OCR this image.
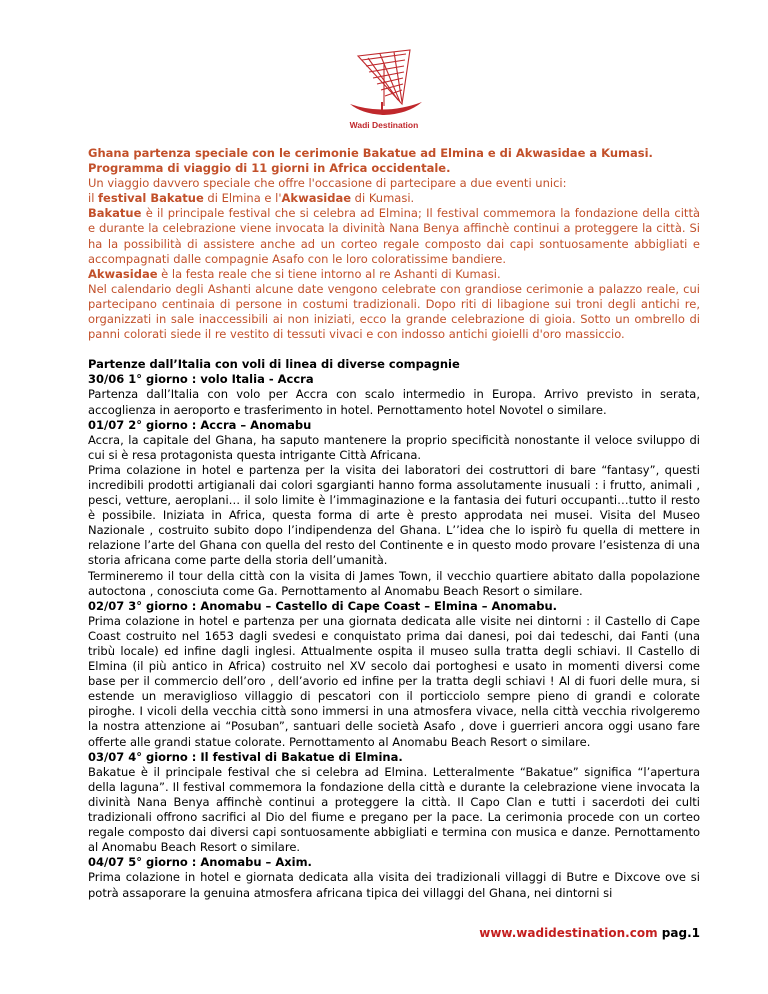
Wadi Destination

Ghana partenza speciale con le cerimonie Bakatue ad Elmina e di Akwasidae a Kumasi.

Programma di viaggio di 11 giorni in Africa occidentale.

Un viaggio davvero speciale che offre l'occasione di partecipare a due eventi unici:

il festival Bakatue di Elmina e l'Akwasidae di Kumasi.

Bakatue è il principale festival che si celebra ad Elmina; Il festival commemora la fondazione della città e durante la celebrazione viene invocata la divinità Nana Benya affinchè continui a proteggere la città. Si ha la possibilità di assistere anche ad un corteo regale composto dai capi sontuosamente abbigliati e accompagnati dalle compagnie Asafo con le loro coloratissime bandiere.

Akwasidae è la festa reale che si tiene intorno al re Ashanti di Kumasi.

Nel calendario degli Ashanti alcune date vengono celebrate con grandiose cerimonie a palazzo reale, cui partecipano centinaia di persone in costumi tradizionali. Dopo riti di libagione sui troni degli antichi re, organizzati in sale inaccessibili ai non iniziati, ecco la grande celebrazione di gioia. Sotto un ombrello di panni colorati siede il re vestito di tessuti vivaci e con indosso antichi gioielli d'oro massiccio.

Partenze dall’Italia con voli di linea di diverse compagnie

30/06 1° giorno : volo Italia - Accra

Partenza dall’Italia con volo per Accra con scalo intermedio in Europa. Arrivo previsto in serata, accoglienza in aeroporto e trasferimento in hotel. Pernottamento hotel Novotel o similare.

01/07 2° giorno : Accra – Anomabu

Accra, la capitale del Ghana, ha saputo mantenere la proprio specificità nonostante il veloce sviluppo di cui si è resa protagonista questa intrigante Città Africana.

Prima colazione in hotel e partenza per la visita dei laboratori dei costruttori di bare “fantasy”, questi incredibili prodotti artigianali dai colori sgargianti hanno forma assolutamente inusuali : i frutto, animali , pesci, vetture, aeroplani… il solo limite è l’immaginazione e la fantasia dei futuri occupanti…tutto il resto è possibile. Iniziata in Africa, questa forma di arte è presto approdata nei musei. Visita del Museo Nazionale , costruito subito dopo l’indipendenza del Ghana. L’’idea che lo ispirò fu quella di mettere in relazione l’arte del Ghana con quella del resto del Continente e in questo modo provare l’esistenza di una storia africana come parte della storia dell’umanità.

Termineremo il tour della città con la visita di James Town, il vecchio quartiere abitato dalla popolazione autoctona , conosciuta come Ga. Pernottamento al Anomabu Beach Resort o similare.

02/07 3° giorno : Anomabu – Castello di Cape Coast – Elmina – Anomabu.

Prima colazione in hotel e partenza per una giornata dedicata alle visite nei dintorni : il Castello di Cape Coast costruito nel 1653 dagli svedesi e conquistato prima dai danesi, poi dai tedeschi, dai Fanti (una tribù locale) ed infine dagli inglesi. Attualmente ospita il museo sulla tratta degli schiavi. Il Castello di Elmina (il più antico in Africa) costruito nel XV secolo dai portoghesi e usato in momenti diversi come base per il commercio dell’oro , dell’avorio ed infine per la tratta degli schiavi ! Al di fuori delle mura, si estende un meraviglioso villaggio di pescatori con il porticciolo sempre pieno di grandi e colorate piroghe. I vicoli della vecchia città sono immersi in una atmosfera vivace, nella città vecchia rivolgeremo la nostra attenzione ai “Posuban”, santuari delle società Asafo , dove i guerrieri ancora oggi usano fare offerte alle grandi statue colorate. Pernottamento al Anomabu Beach Resort o similare.

03/07 4° giorno : Il festival di Bakatue di Elmina.

Bakatue è il principale festival che si celebra ad Elmina. Letteralmente “Bakatue” significa “l’apertura della laguna”. Il festival commemora la fondazione della città e durante la celebrazione viene invocata la divinità Nana Benya affinchè continui a proteggere la città. Il Capo Clan e tutti i sacerdoti dei culti tradizionali offrono sacrifici al Dio del fiume e pregano per la pace. La cerimonia procede con un corteo regale composto dai diversi capi sontuosamente abbigliati e termina con musica e danze. Pernottamento al Anomabu Beach Resort o similare.

04/07 5° giorno : Anomabu – Axim.

Prima colazione in hotel e giornata dedicata alla visita dei tradizionali villaggi di Butre e Dixcove ove si potrà assaporare la genuina atmosfera africana tipica dei villaggi del Ghana, nei dintorni si

www.wadidestination.com pag.1
